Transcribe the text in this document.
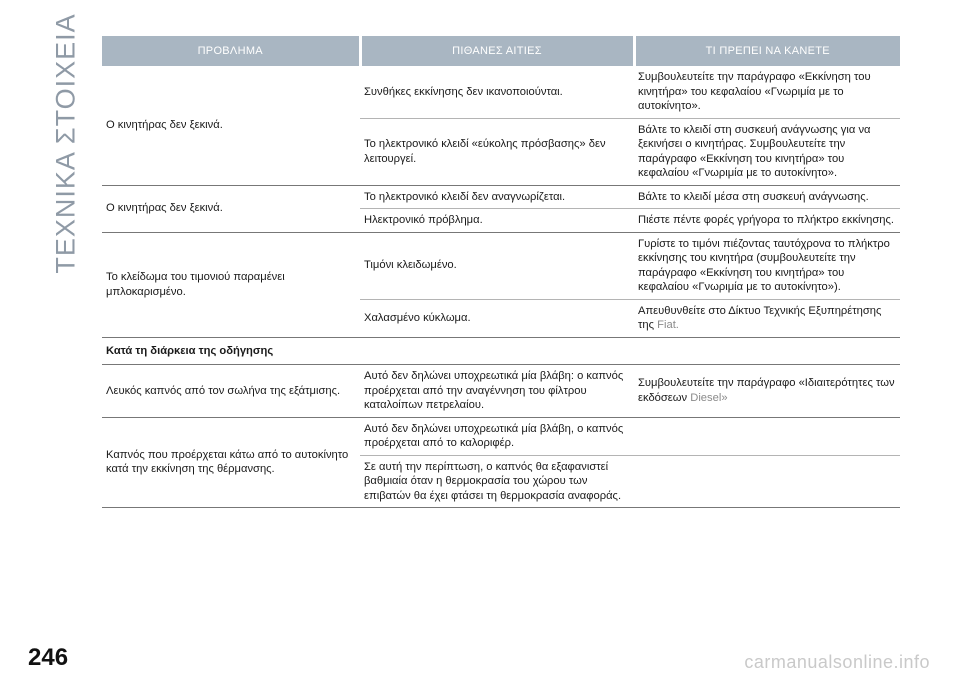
ΤΕΧΝΙΚΑ ΣΤΟΙΧΕΙΑ	ΠΡΟΒΛΗΜΑ	ΠΙΘΑΝΕΣ ΑΙΤΙΕΣ	ΤΙ ΠΡΕΠΕΙ ΝΑ ΚΑΝΕΤΕ
Ο κινητήρας δεν ξεκινά.	Συνθήκες εκκίνησης δεν ικανοποιούνται.	Συμβουλευτείτε την παράγραφο «Εκκίνηση του κινητήρα» του κεφαλαίου «Γνωριμία με το αυτοκίνητο».
	Το ηλεκτρονικό κλειδί «εύκολης πρόσβασης» δεν λειτουργεί.	Βάλτε το κλειδί στη συσκευή ανάγνωσης για να ξεκινήσει ο κινητήρας. Συμβουλευτείτε την παράγραφο «Εκκίνηση του κινητήρα» του κεφαλαίου «Γνωριμία με το αυτοκίνητο».
Ο κινητήρας δεν ξεκινά.	Το ηλεκτρονικό κλειδί δεν αναγνωρίζεται.	Βάλτε το κλειδί μέσα στη συσκευή ανάγνωσης.
	Ηλεκτρονικό πρόβλημα.	Πιέστε πέντε φορές γρήγορα το πλήκτρο εκκίνησης.
Το κλείδωμα του τιμονιού παραμένει μπλοκαρισμένο.	Τιμόνι κλειδωμένο.	Γυρίστε το τιμόνι πιέζοντας ταυτόχρονα το πλήκτρο εκκίνησης του κινητήρα (συμβουλευτείτε την παράγραφο «Εκκίνηση του κινητήρα» του κεφαλαίου «Γνωριμία με το αυτοκίνητο»).
	Χαλασμένο κύκλωμα.	Απευθυνθείτε στο Δίκτυο Τεχνικής Εξυπηρέτησης της Fiat.
Κατά τη διάρκεια της οδήγησης		
Λευκός καπνός από τον σωλήνα της εξάτμισης.	Αυτό δεν δηλώνει υποχρεωτικά μία βλάβη: ο καπνός προέρχεται από την αναγέννηση του φίλτρου καταλοίπων πετρελαίου.	Συμβουλευτείτε την παράγραφο «Ιδιαιτερότητες των εκδόσεων Diesel»
Καπνός που προέρχεται κάτω από το αυτοκίνητο κατά την εκκίνηση της θέρμανσης.	Αυτό δεν δηλώνει υποχρεωτικά μία βλάβη, ο καπνός προέρχεται από το καλοριφέρ.	
	Σε αυτή την περίπτωση, ο καπνός θα εξαφανιστεί βαθμιαία όταν η θερμοκρασία του χώρου των επιβατών θα έχει φτάσει τη θερμοκρασία αναφοράς.	
246	carmanualsonline.info
